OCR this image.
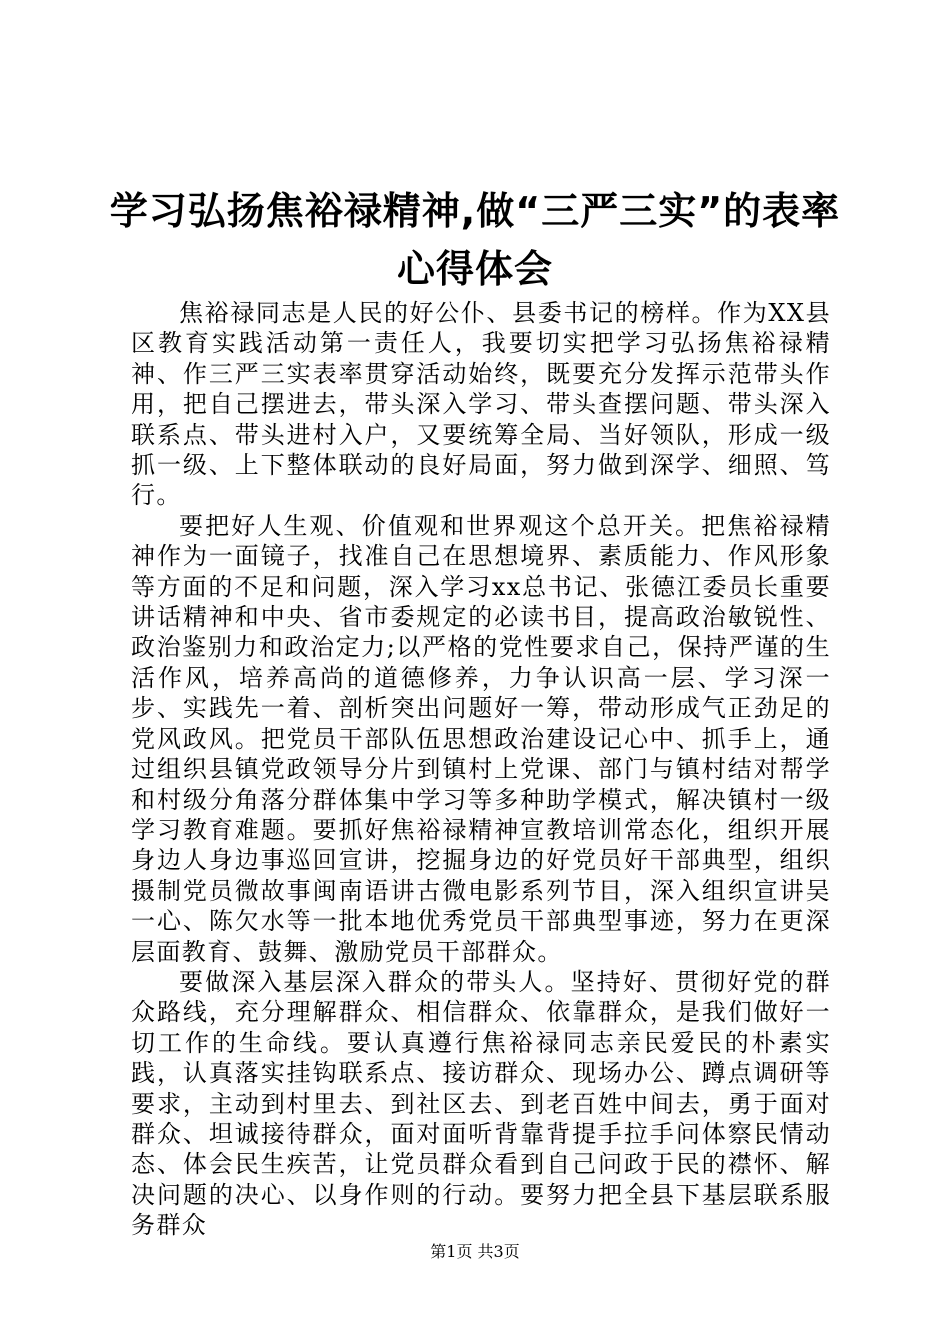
学习弘扬焦裕禄精神,做“三严三实”的表率
心得体会

焦裕禄同志是人民的好公仆、县委书记的榜样。作为XX县区教育实践活动第一责任人，我要切实把学习弘扬焦裕禄精神、作三严三实表率贯穿活动始终，既要充分发挥示范带头作用，把自己摆进去，带头深入学习、带头查摆问题、带头深入联系点、带头进村入户，又要统筹全局、当好领队，形成一级抓一级、上下整体联动的良好局面，努力做到深学、细照、笃行。

要把好人生观、价值观和世界观这个总开关。把焦裕禄精神作为一面镜子，找准自己在思想境界、素质能力、作风形象等方面的不足和问题，深入学习xx总书记、张德江委员长重要讲话精神和中央、省市委规定的必读书目，提高政治敏锐性、政治鉴别力和政治定力;以严格的党性要求自己，保持严谨的生活作风，培养高尚的道德修养，力争认识高一层、学习深一步、实践先一着、剖析突出问题好一筹，带动形成气正劲足的党风政风。把党员干部队伍思想政治建设记心中、抓手上，通过组织县镇党政领导分片到镇村上党课、部门与镇村结对帮学和村级分角落分群体集中学习等多种助学模式，解决镇村一级学习教育难题。要抓好焦裕禄精神宣教培训常态化，组织开展身边人身边事巡回宣讲，挖掘身边的好党员好干部典型，组织摄制党员微故事闽南语讲古微电影系列节目，深入组织宣讲吴一心、陈欠水等一批本地优秀党员干部典型事迹，努力在更深层面教育、鼓舞、激励党员干部群众。

要做深入基层深入群众的带头人。坚持好、贯彻好党的群众路线，充分理解群众、相信群众、依靠群众，是我们做好一切工作的生命线。要认真遵行焦裕禄同志亲民爱民的朴素实践，认真落实挂钩联系点、接访群众、现场办公、蹲点调研等要求，主动到村里去、到社区去、到老百姓中间去，勇于面对群众、坦诚接待群众，面对面听背靠背提手拉手问体察民情动态、体会民生疾苦，让党员群众看到自己问政于民的襟怀、解决问题的决心、以身作则的行动。要努力把全县下基层联系服务群众

第1页 共3页
